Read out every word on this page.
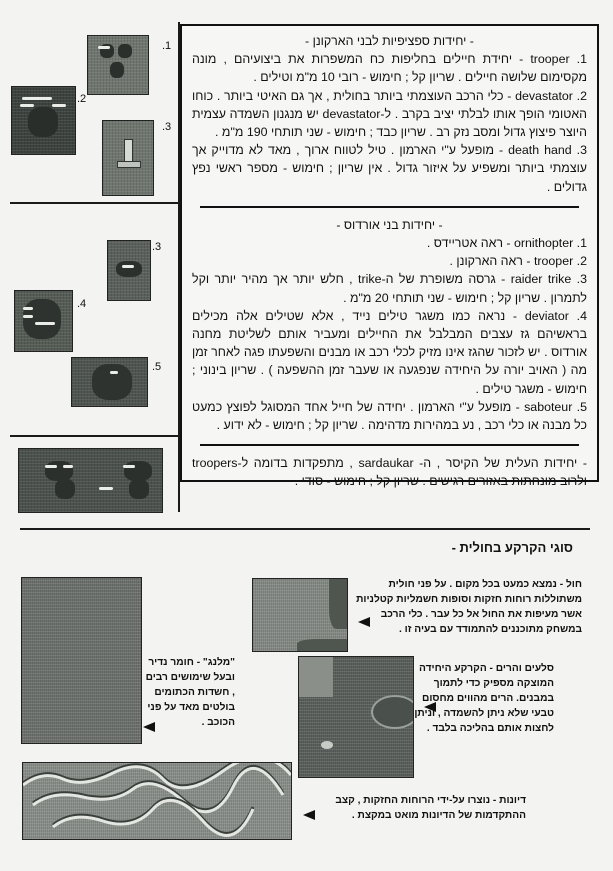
.1
.2
.3
.3
.4
.5

- יחידות ספציפיות לבני הארקונן -

trooper .1 - יחידת חיילים בחליפות כח המשפרות את ביצועיהם , מונה מקסימום שלושה חיילים . שריון קל ; חימוש - רובי 10 מ"מ וטילים .

devastator .2 - כלי הרכב העוצמתי ביותר בחולית , אך גם האיטי ביותר . כוחו האטומי הופך אותו לבלתי יציב בקרב . ל-devastator יש מנגנון השמדה עצמית היוצר פיצוץ גדול ומסב נזק רב . שריון כבד ; חימוש - שני תותחי 190 מ"מ .

death hand .3 - מופעל ע"י הארמון . טיל לטווח ארוך , מאד לא מדוייק אך עוצמתי ביותר ומשפיע על איזור גדול . אין שריון ; חימוש - מספר ראשי נפץ גדולים .

- יחידות בני אורדוס -

ornithopter .1 - ראה אטריידס .

trooper .2 - ראה הארקונן .

raider trike .3 - גרסה משופרת של ה-trike , חלש יותר אך מהיר יותר וקל לתמרון . שריון קל ; חימוש - שני תותחי 20 מ"מ .

deviator .4 - נראה כמו משגר טילים נייד , אלא שטילים אלה מכילים בראשיהם גז עצבים המבלבל את החיילים ומעביר אותם לשליטת מחנה אורדוס . יש לזכור שהגז אינו מזיק לכלי רכב או מבנים והשפעתו פגה לאחר זמן מה ( האויב יורה על היחידה שנפגעה או שעבר זמן ההשפעה ) . שריון בינוני ; חימוש - משגר טילים .

saboteur .5 - מופעל ע"י הארמון . יחידה של חייל אחד המסוגל לפוצץ כמעט כל מבנה או כלי רכב , נע במהירות מדהימה . שריון קל ; חימוש - לא ידוע .

- יחידות העלית של הקיסר , ה- sardaukar , מתפקדות בדומה ל-troopers ולרוב מונחתות באזורים רגישים . שריון קל ; חימוש - סודי .

סוגי הקרקע בחולית -
"מלנג" - חומר נדיר ובעל שימושים רבים , חשדות הכתומים בולטים מאד על פני הכוכב .
חול - נמצא כמעט בכל מקום . על פני חולית משתוללות רוחות חזקות וסופות חשמליות קטלניות אשר מעיפות את החול אל כל עבר . כלי הרכב במשחק מתוכננים להתמודד עם בעיה זו .
סלעים והרים - הקרקע היחידה המוצקה מספיק כדי לתמוך במבנים. הרים מהווים מחסום טבעי שלא ניתן להשמדה , וניתן לחצות אותם בהליכה בלבד .
דיונות - נוצרו על-ידי הרוחות החזקות , קצב ההתקדמות של הדיונות מואט במקצת .
